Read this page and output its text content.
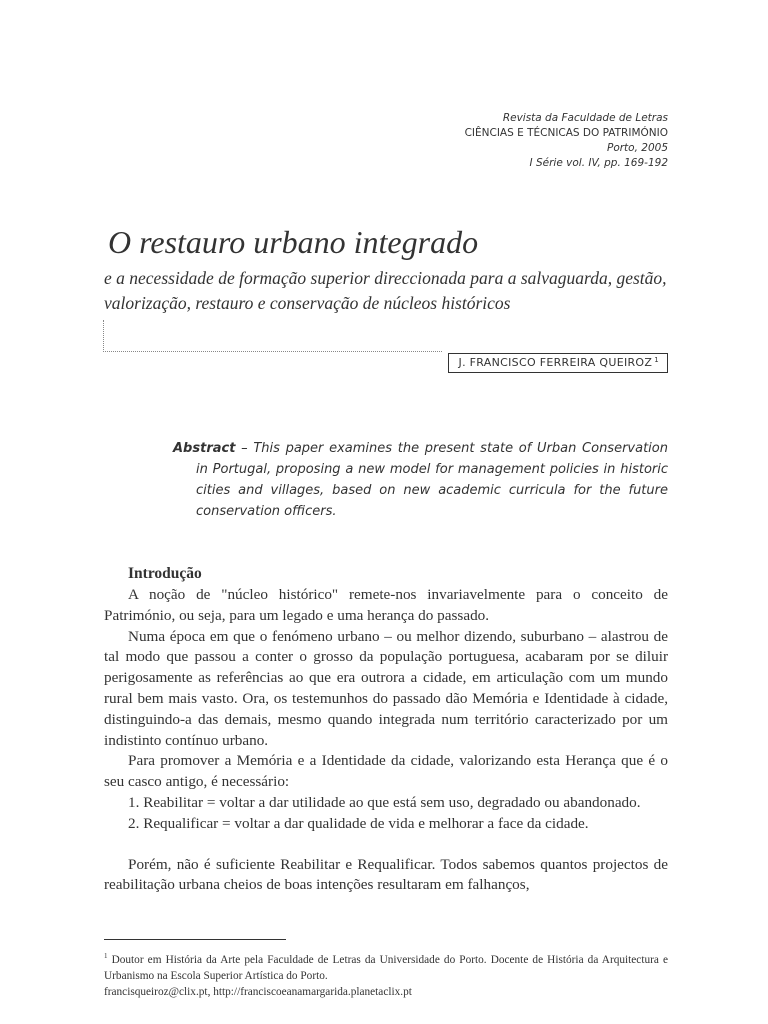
Revista da Faculdade de Letras
CIÊNCIAS E TÉCNICAS DO PATRIMÓNIO
Porto, 2005
I Série vol. IV, pp. 169-192
O restauro urbano integrado
e a necessidade de formação superior direccionada para a salvaguarda, gestão, valorização, restauro e conservação de núcleos históricos
J. FRANCISCO FERREIRA QUEIROZ $^1$

Abstract – This paper examines the present state of Urban Conservation in Portugal, proposing a new model for management policies in historic cities and villages, based on new academic curricula for the future conservation officers.

Introdução

A noção de "núcleo histórico" remete-nos invariavelmente para o conceito de Património, ou seja, para um legado e uma herança do passado.

Numa época em que o fenómeno urbano – ou melhor dizendo, suburbano – alastrou de tal modo que passou a conter o grosso da população portuguesa, acabaram por se diluir perigosamente as referências ao que era outrora a cidade, em articulação com um mundo rural bem mais vasto. Ora, os testemunhos do passado dão Memória e Identidade à cidade, distinguindo-a das demais, mesmo quando integrada num território caracterizado por um indistinto contínuo urbano.

Para promover a Memória e a Identidade da cidade, valorizando esta Herança que é o seu casco antigo, é necessário:

1. Reabilitar = voltar a dar utilidade ao que está sem uso, degradado ou abandonado.

2. Requalificar = voltar a dar qualidade de vida e melhorar a face da cidade.

Porém, não é suficiente Reabilitar e Requalificar. Todos sabemos quantos projectos de reabilitação urbana cheios de boas intenções resultaram em falhanços,

$^1$ Doutor em História da Arte pela Faculdade de Letras da Universidade do Porto. Docente de História da Arquitectura e Urbanismo na Escola Superior Artística do Porto.

francisqueiroz@clix.pt, http://franciscoeanamargarida.planetaclix.pt
